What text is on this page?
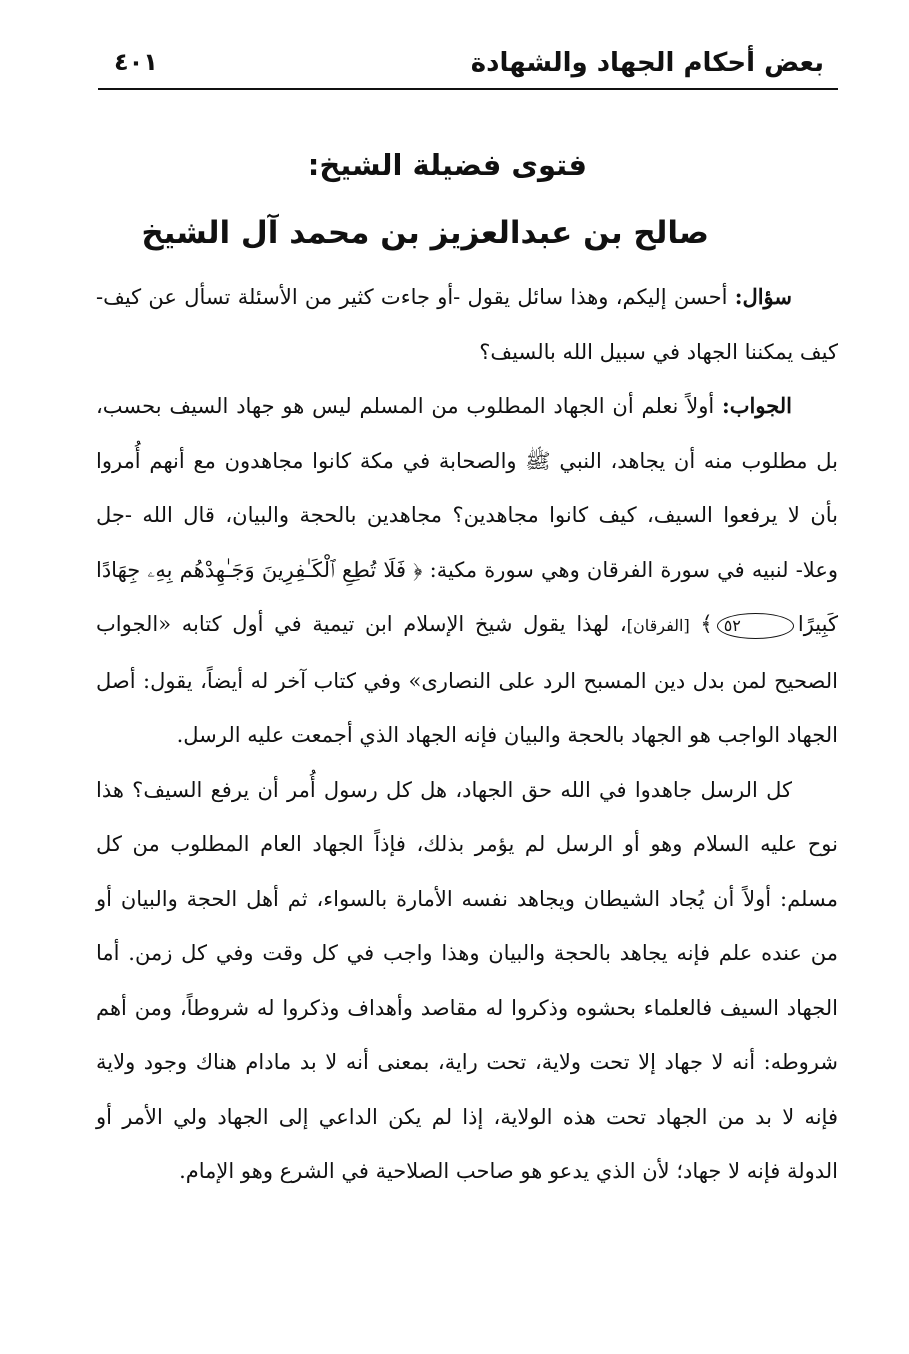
بعض أحكام الجهاد والشهادة
٤٠١
فتوى فضيلة الشيخ:
صالح بن عبدالعزيز بن محمد آل الشيخ

سؤال: أحسن إليكم، وهذا سائل يقول -أو جاءت كثير من الأسئلة تسأل عن كيف- كيف يمكننا الجهاد في سبيل الله بالسيف؟

الجواب: أولاً نعلم أن الجهاد المطلوب من المسلم ليس هو جهاد السيف بحسب، بل مطلوب منه أن يجاهد، النبي ﷺ والصحابة في مكة كانوا مجاهدون مع أنهم أُمروا بأن لا يرفعوا السيف، كيف كانوا مجاهدين؟ مجاهدين بالحجة والبيان، قال الله -جل وعلا- لنبيه في سورة الفرقان وهي سورة مكية: ﴿ فَلَا تُطِعِ ٱلْكَـٰفِرِينَ وَجَـٰهِدْهُم بِهِۦ جِهَادًا كَبِيرًا٥٢﴾ [الفرقان]، لهذا يقول شيخ الإسلام ابن تيمية في أول كتابه «الجواب الصحيح لمن بدل دين المسبح الرد على النصارى» وفي كتاب آخر له أيضاً، يقول: أصل الجهاد الواجب هو الجهاد بالحجة والبيان فإنه الجهاد الذي أجمعت عليه الرسل.

كل الرسل جاهدوا في الله حق الجهاد، هل كل رسول أُمر أن يرفع السيف؟ هذا نوح عليه السلام وهو أو الرسل لم يؤمر بذلك، فإذاً الجهاد العام المطلوب من كل مسلم: أولاً أن يُجاد الشيطان ويجاهد نفسه الأمارة بالسواء، ثم أهل الحجة والبيان أو من عنده علم فإنه يجاهد بالحجة والبيان وهذا واجب في كل وقت وفي كل زمن. أما الجهاد السيف فالعلماء بحشوه وذكروا له مقاصد وأهداف وذكروا له شروطاً، ومن أهم شروطه: أنه لا جهاد إلا تحت ولاية، تحت راية، بمعنى أنه لا بد مادام هناك وجود ولاية فإنه لا بد من الجهاد تحت هذه الولاية، إذا لم يكن الداعي إلى الجهاد ولي الأمر أو الدولة فإنه لا جهاد؛ لأن الذي يدعو هو صاحب الصلاحية في الشرع وهو الإمام.
